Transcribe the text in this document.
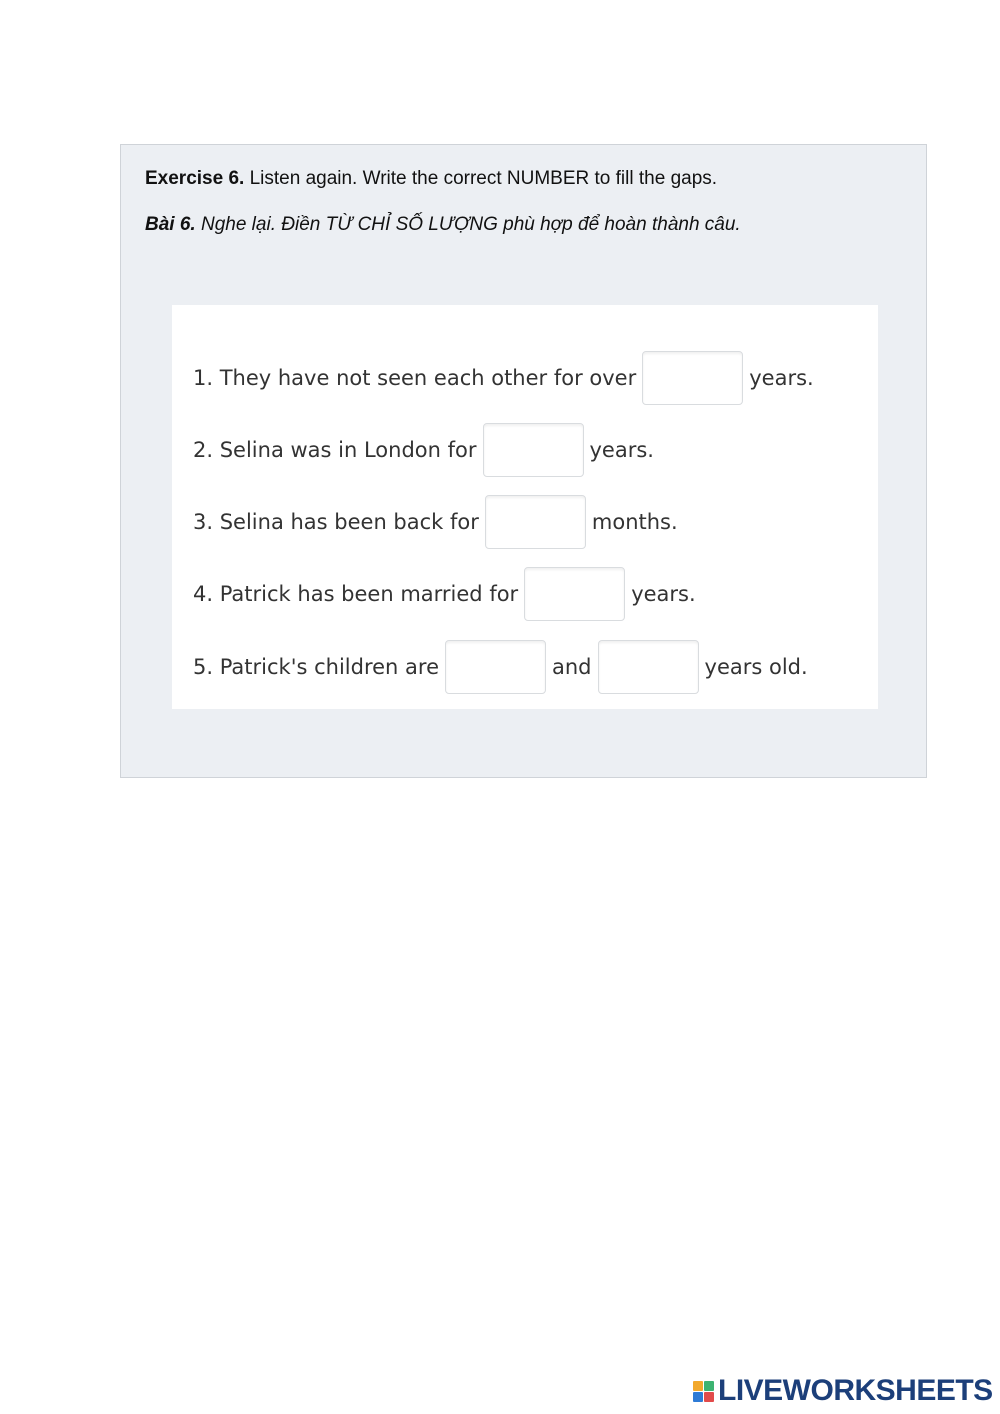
Exercise 6. Listen again. Write the correct NUMBER to fill the gaps.
Bài 6. Nghe lại. Điền TỪ CHỈ SỐ LƯỢNG phù hợp để hoàn thành câu.
1. They have not seen each other for over	years.
2. Selina was in London for	years.
3. Selina has been back for	months.
4. Patrick has been married for	years.
5. Patrick's children are	and	years old.
LIVEWORKSHEETS
